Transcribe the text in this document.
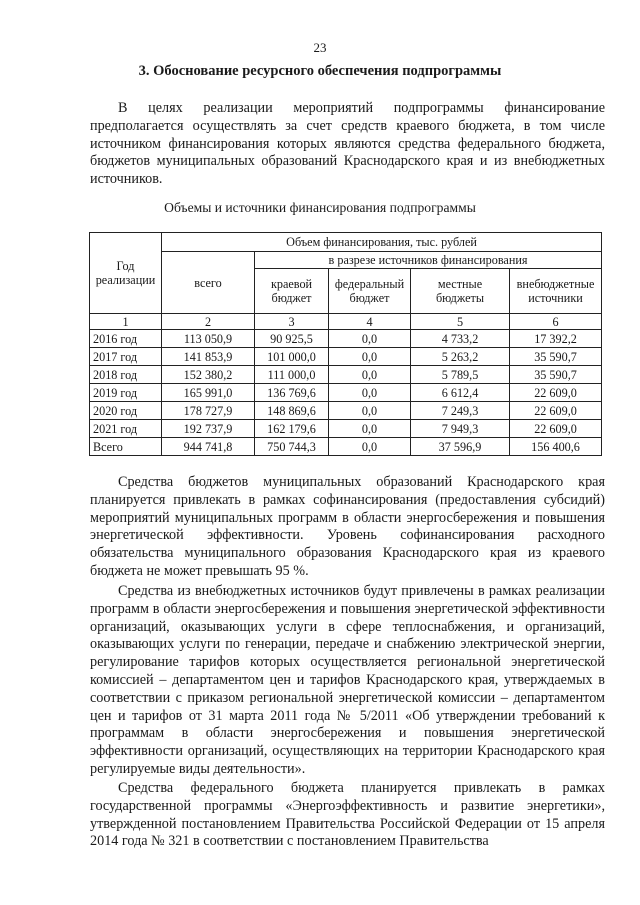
23
3. Обоснование ресурсного обеспечения подпрограммы

В целях реализации мероприятий подпрограммы финансирование предполагается осуществлять за счет средств краевого бюджета, в том числе источником финансирования которых являются средства федерального бюджета, бюджетов муниципальных образований Краснодарского края и из внебюджетных источников.

Объемы и источники финансирования подпрограммы
Год реализации	Объем финансирования, тыс. рублей				
	всего	в разрезе источников финансирования			
		краевой бюджет	федеральный бюджет	местные бюджеты	внебюджетные источники
1	2	3	4	5	6
2016 год	113 050,9	90 925,5	0,0	4 733,2	17 392,2
2017 год	141 853,9	101 000,0	0,0	5 263,2	35 590,7
2018 год	152 380,2	111 000,0	0,0	5 789,5	35 590,7
2019 год	165 991,0	136 769,6	0,0	6 612,4	22 609,0
2020 год	178 727,9	148 869,6	0,0	7 249,3	22 609,0
2021 год	192 737,9	162 179,6	0,0	7 949,3	22 609,0
Всего	944 741,8	750 744,3	0,0	37 596,9	156 400,6

Средства бюджетов муниципальных образований Краснодарского края планируется привлекать в рамках софинансирования (предоставления субсидий) мероприятий муниципальных программ в области энергосбережения и повышения энергетической эффективности. Уровень софинансирования расходного обязательства муниципального образования Краснодарского края из краевого бюджета не может превышать 95 %.

Средства из внебюджетных источников будут привлечены в рамках реализации программ в области энергосбережения и повышения энергетической эффективности организаций, оказывающих услуги в сфере теплоснабжения, и организаций, оказывающих услуги по генерации, передаче и снабжению электрической энергии, регулирование тарифов которых осуществляется региональной энергетической комиссией – департаментом цен и тарифов Краснодарского края, утверждаемых в соответствии с приказом региональной энергетической комиссии – департаментом цен и тарифов от 31 марта 2011 года № 5/2011 «Об утверждении требований к программам в области энергосбережения и повышения энергетической эффективности организаций, осуществляющих на территории Краснодарского края регулируемые виды деятельности».

Средства федерального бюджета планируется привлекать в рамках государственной программы «Энергоэффективность и развитие энергетики», утвержденной постановлением Правительства Российской Федерации от 15 апреля 2014 года № 321 в соответствии с постановлением Правительства
